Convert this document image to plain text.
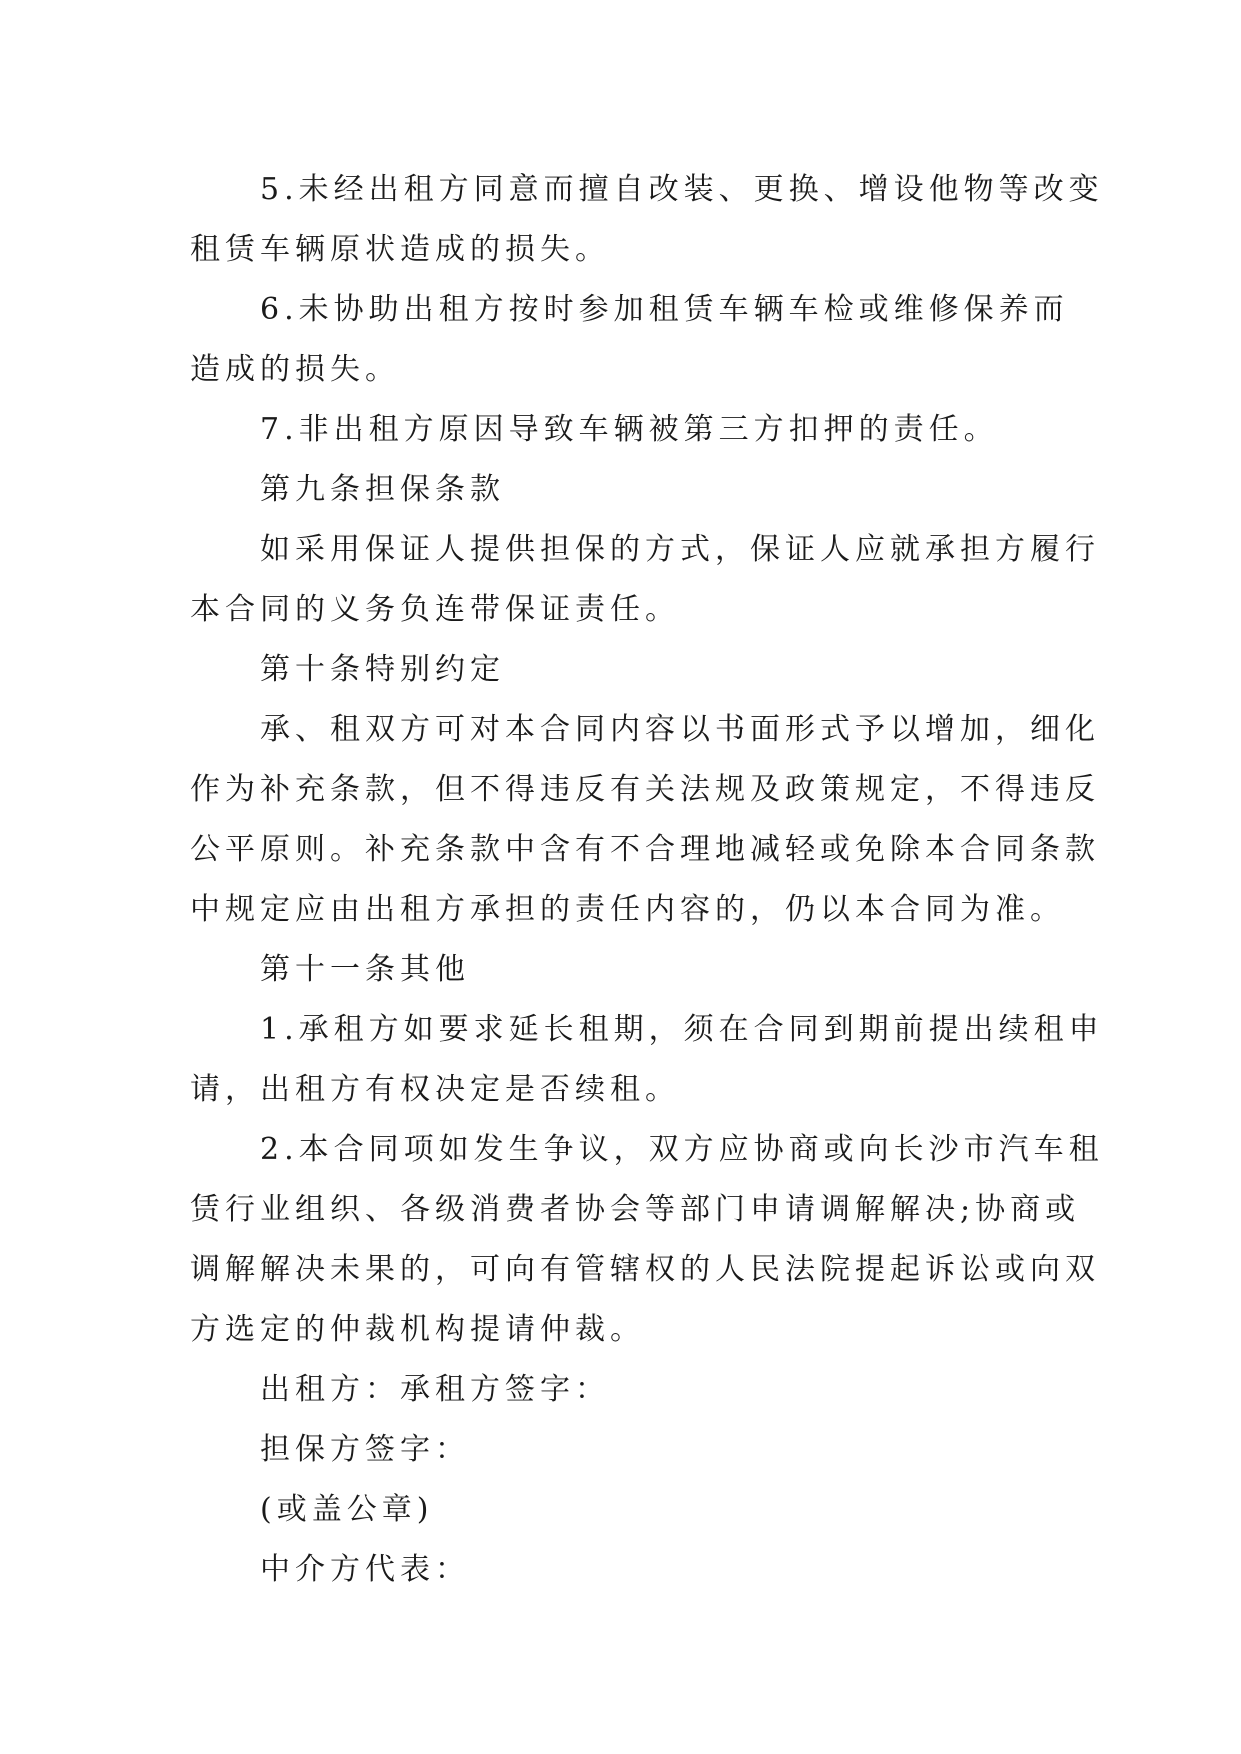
5.未经出租方同意而擅自改装、更换、增设他物等改变
租赁车辆原状造成的损失。

6.未协助出租方按时参加租赁车辆车检或维修保养而
造成的损失。

7.非出租方原因导致车辆被第三方扣押的责任。

第九条担保条款

如采用保证人提供担保的方式，保证人应就承担方履行
本合同的义务负连带保证责任。

第十条特别约定

承、租双方可对本合同内容以书面形式予以增加，细化
作为补充条款，但不得违反有关法规及政策规定，不得违反
公平原则。补充条款中含有不合理地减轻或免除本合同条款
中规定应由出租方承担的责任内容的，仍以本合同为准。

第十一条其他

1.承租方如要求延长租期，须在合同到期前提出续租申
请，出租方有权决定是否续租。

2.本合同项如发生争议，双方应协商或向长沙市汽车租
赁行业组织、各级消费者协会等部门申请调解解决;协商或
调解解决未果的，可向有管辖权的人民法院提起诉讼或向双
方选定的仲裁机构提请仲裁。

出租方：承租方签字：

担保方签字：

(或盖公章)

中介方代表：
